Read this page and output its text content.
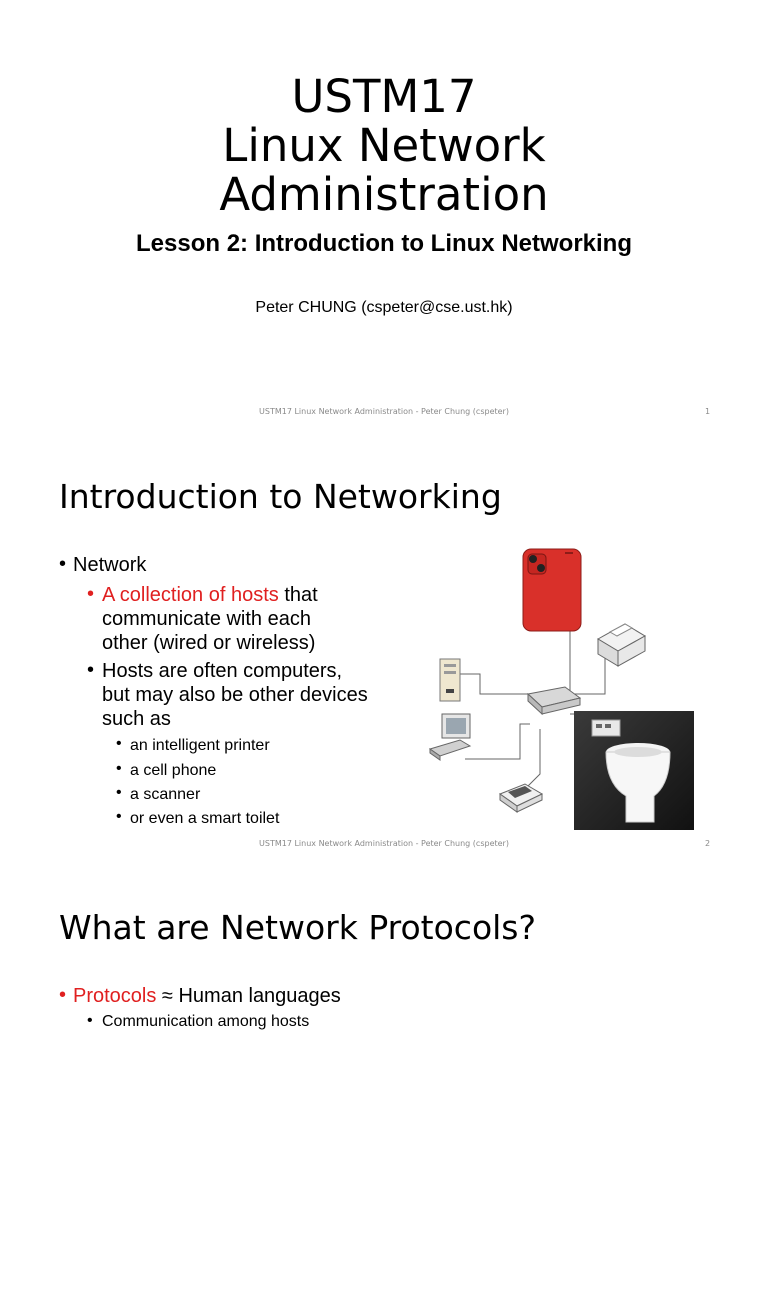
USTM17
Linux Network
Administration
Lesson 2: Introduction to Linux Networking
Peter CHUNG (cspeter@cse.ust.hk)
USTM17 Linux Network Administration - Peter Chung (cspeter)	1
Introduction to Networking
• Network
• A collection of hosts that
communicate with each
other (wired or wireless)
• Hosts are often computers,
but may also be other devices
such as
• an intelligent printer
• a cell phone
• a scanner
• or even a smart toilet
USTM17 Linux Network Administration - Peter Chung (cspeter)	2
What are Network Protocols?
• Protocols ≈ Human languages
• Communication among hosts
